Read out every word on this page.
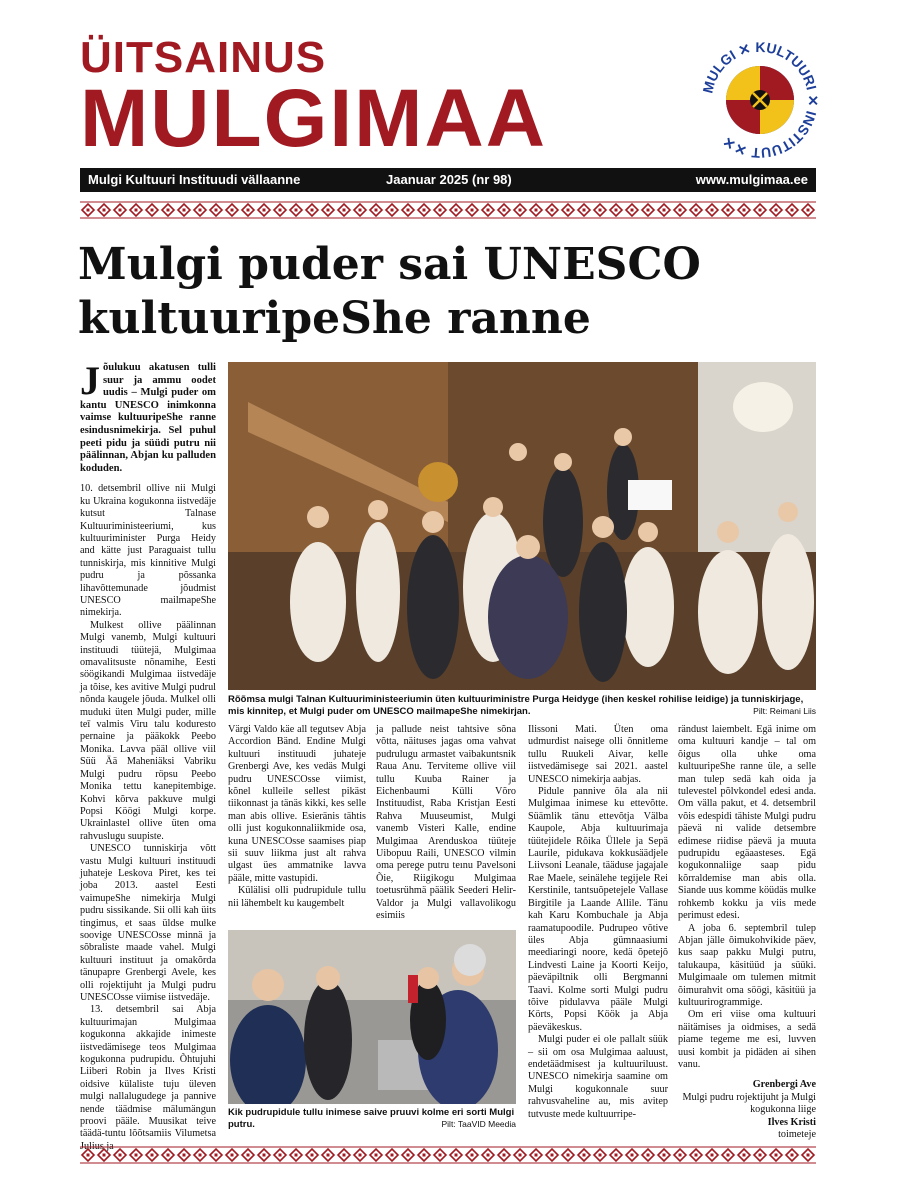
ÜITSAINUS
MULGIMAA	MULGI ✕ KULTUURI ✕ INSTITUUT ✕✕
Mulgi Kultuuri Instituudi vällaanne	Jaanuar 2025 (nr 98)	www.mulgimaa.ee
Mulgi puder sai UNESCO
kultuuripeShe ranne
Jõulukuu akatusen tulli suur ja ammu oodet uudis – Mulgi puder om kantu UNESCO inimkonna vaimse kultuuripeShe ranne esindusnimekirja. Sel puhul peeti pidu ja süüdi putru nii päälinnan, Abjan ku palluden koduden.

10. detsembril ollive nii Mulgi ku Ukraina kogukonna iistvedäje kutsut Talnase Kultuuriministeeriumi, kus kultuuriminister Purga Heidy and kätte just Paraguaist tullu tunniskirja, mis kinnitive Mulgi pudru ja põssanka lihavõttemunade jõudmist UNESCO mailmapeShe nimekirja.

Mulkest ollive päälinnan Mulgi vanemb, Mulgi kultuuri instituudi tüütejä, Mulgimaa omavalitsuste nõnamihe, Eesti söögikandi Mulgimaa iistvedäje ja tõise, kes avitive Mulgi pudrul nõnda kaugele jõuda. Mulkel olli muduki üten Mulgi puder, mille teī valmis Viru talu koduresto pernaine ja pääkokk Peebo Monika. Lavva pääl ollive viil Süü Ää Maheniäksi Vabriku Mulgi pudru röpsu Peebo Monika tettu kanepitembige. Kohvi kõrva pakkuve mulgi Popsi Köögi Mulgi korpe. Ukrainlastel ollive üten oma rahvuslugu suupiste.

UNESCO tunniskirja võtt vastu Mulgi kultuuri instituudi juhateje Leskova Piret, kes tei joba 2013. aastel Eesti vaimupeShe nimekirja Mulgi pudru sissikande. Sii olli kah üits tingimus, et saas üldse mulke soovige UNESCOsse minnä ja sõbraliste maade vahel. Mulgi kultuuri instituut ja omakõrda tänupapre Grenbergi Avele, kes olli rojektijuht ja Mulgi pudru UNESCOsse viimise iistvedäje.

13. detsembril sai Abja kultuurimajan Mulgimaa kogukonna akkajide inimeste iistvedämisege teos Mulgimaa kogukonna pudrupidu. Õhtujuhi Liiberi Robin ja Ilves Kristi oidsive külaliste tuju üleven mulgi nallalugudege ja pannive nende täädmise mälumängun proovi pääle. Muusikat teive täädä-tuntu lõõtsamiis Vilumetsa

Rõõmsa mulgi Talnan Kultuuriministeeriumin üten kultuuriministre Purga Heidyge (ihen keskel rohilise leidige) ja tunniskirjage, mis kinnitep, et Mulgi puder om UNESCO mailmapeShe nimekirjan.	Pilt: Reimani Liis

Värgi Valdo käe all tegutsev Abja Accordion Bänd. Endine Mulgi kultuuri instituudi juhateje Grenbergi Ave, kes vedäs Mulgi pudru UNESCOsse viimist, kõnel kulleile sellest pikäst tiikonnast ja tänäs kikki, kes selle man abis ollive. Esieränis tähtis olli just kogukonnaliikmide osa, kuna UNESCOsse saamises piap sii suuv liikma just alt rahva ulgast ües ammatnike lavva pääle, mitte vastupidi.

Külälisi olli pudrupidule tullu nii lähembelt ku kaugembelt

ja pallude neist tahtsive sõna võtta, näituses jagas oma vahvat pudrulugu armastet vaibakuntsnik Raua Anu. Terviteme ollive viil tullu Kuuba Rainer ja Eichenbaumi Külli Võro Instituudist, Raba Kristjan Eesti Rahva Muuseumist, Mulgi vanemb Visteri Kalle, endine Mulgimaa Arenduskoa tüüteje Uibopuu Raili, UNESCO vilmin oma perege putru teınu Pavelsoni Õie, Riigikogu Mulgimaa toetusrühmä päälik Seederi Helir-Valdor ja Mulgi vallavolikogu esimiis

Kik pudrupidule tullu inimese saive pruuvi kolme eri sorti Mulgi putru.	Pilt: TaaVID Meedia

Ilissoni Mati. Üten oma udmurdist naisege olli õnnitleme tullu Ruukeli Aivar, kelle iistvedämisege sai 2021. aastel UNESCO nimekirja aabjas.

Pidule pannive õla ala nii Mulgimaa inimese ku ettevõtte. Süämlik tänu ettevõtja Välba Kaupole, Abja kultuurimaja tüütejidele Rõika Üllele ja Sepä Laurile, pidukava kokkusäädjele Liivsoni Leanale, tääduse jagajale Rae Maele, seinälehe tegijele Rei Kerstinile, tantsuõpetejele Vallase Birgitile ja Laande Allile. Tänu kah Karu Kombuchale ja Abja raamatupoodile. Pudrupeo võtive üles Abja gümnaasiumi meediaringi noore, kedä õpetejõ Lindvesti Laine ja Koorti Keijo, päeväpiltnik olli Bergmanni Taavi. Kolme sorti Mulgi pudru tõive pidulavva pääle Mulgi Körts, Popsi Köök ja Abja päeväkeskus.

Mulgi puder ei ole pallalt süük – sii om osa Mulgimaa aaluust, endetäädmisest ja kultuuriluust. UNESCO nimekirja saamine om Mulgi kogukonnale suur rahvusvaheline au, mis avitep tutvuste mede kultuurripe-

rändust laiembelt. Egä inime om oma kultuuri kandje – tal om õigus olla uhke oma kultuuripeShe ranne üle, a selle man tulep sedä kah oida ja tulevestel põlvkondel edesi anda. Om välla pakut, et 4. detsembril võis edespidi tähiste Mulgi pudru päevä ni valide detsembre edimese riidise päevä ja muuta pudrupidu egäaasteses. Egä kogukonnaliige saap pidu kõrraldemise man abis olla. Siande uus komme köüdäs mulke rohkemb kokku ja viis mede perimust edesi.

A joba 6. septembril tulep Abjan jälle õimukohvikide päev, kus saap pakku Mulgi putru, talukaupa, käsitüüd ja süüki. Mulgimaale om tulemen mitmit õimurahvit oma söögi, käsitüü ja kultuurirogrammige.

Om eri viise oma kultuuri näitämises ja oidmises, a sedä piame tegeme me esi, luvven uusi kombit ja pidäden ai sihen vanu.

Grenbergi Ave
Mulgi pudru rojektijuht ja Mulgi kogukonna liige
Ilves Kristi
toimeteje
